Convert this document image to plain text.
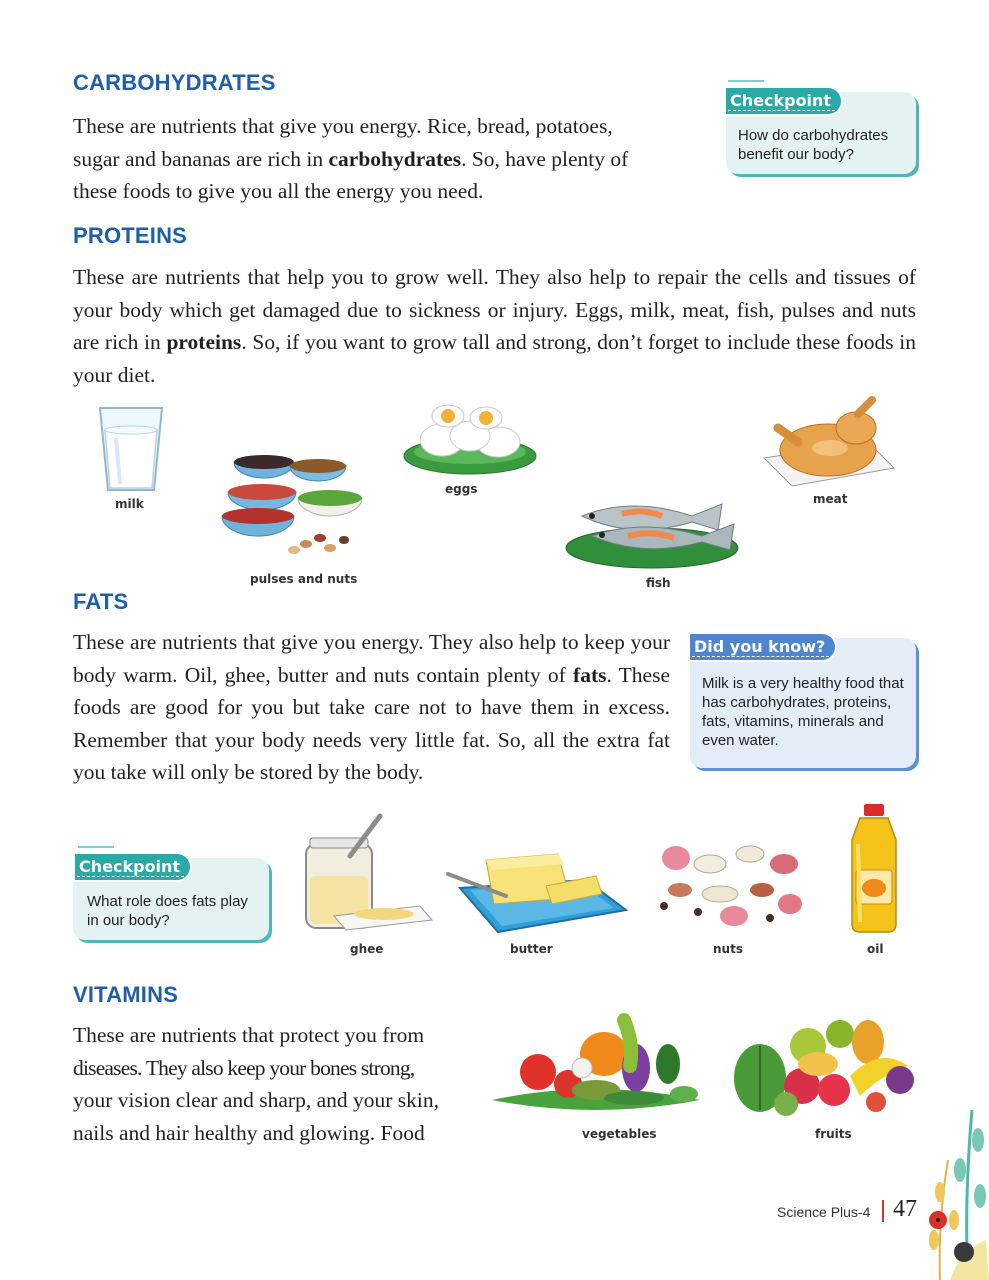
CARBOHYDRATES

These are nutrients that give you energy. Rice, bread, potatoes,
sugar and bananas are rich in carbohydrates. So, have plenty of
these foods to give you all the energy you need.

How do carbohydrates benefit our body?
Checkpoint
PROTEINS

These are nutrients that help you to grow well. They also help to repair the cells and tissues of your body which get damaged due to sickness or injury. Eggs, milk, meat, fish, pulses and nuts are rich in proteins. So, if you want to grow tall and strong, don’t forget to include these foods in your diet.

milk
pulses and nuts
eggs
fish
meat
FATS

These are nutrients that give you energy. They also help to keep your body warm. Oil, ghee, butter and nuts contain plenty of fats. These foods are good for you but take care not to have them in excess. Remember that your body needs very little fat. So, all the extra fat you take will only be stored by the body.

Milk is a very healthy food that has carbohydrates, proteins, fats, vitamins, minerals and even water.
Did you know?
What role does fats play in our body?
Checkpoint
ghee	butter	nuts	oil
VITAMINS

These are nutrients that protect you from
diseases. They also keep your bones strong,
your vision clear and sharp, and your skin,
nails and hair healthy and glowing. Food	vegetables	fruits
Science Plus-4 47
